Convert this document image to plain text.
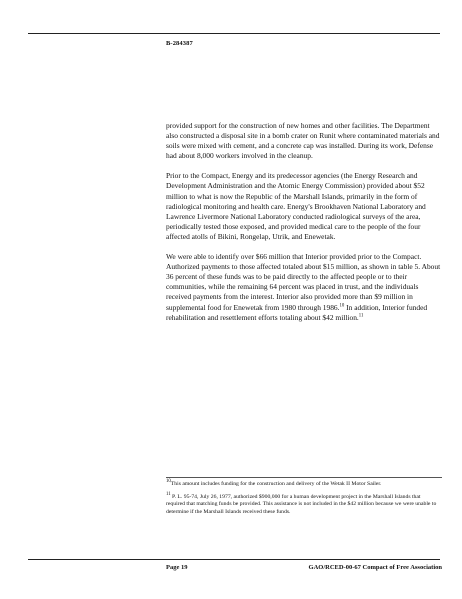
B-284387

provided support for the construction of new homes and other facilities. The Department also constructed a disposal site in a bomb crater on Runit where contaminated materials and soils were mixed with cement, and a concrete cap was installed. During its work, Defense had about 8,000 workers involved in the cleanup.

Prior to the Compact, Energy and its predecessor agencies (the Energy Research and Development Administration and the Atomic Energy Commission) provided about $52 million to what is now the Republic of the Marshall Islands, primarily in the form of radiological monitoring and health care. Energy's Brookhaven National Laboratory and Lawrence Livermore National Laboratory conducted radiological surveys of the area, periodically tested those exposed, and provided medical care to the people of the four affected atolls of Bikini, Rongelap, Utrik, and Enewetak.

We were able to identify over $66 million that Interior provided prior to the Compact. Authorized payments to those affected totaled about $15 million, as shown in table 5. About 36 percent of these funds was to be paid directly to the affected people or to their communities, while the remaining 64 percent was placed in trust, and the individuals received payments from the interest. Interior also provided more than $9 million in supplemental food for Enewetak from 1980 through 1986.10 In addition, Interior funded rehabilitation and resettlement efforts totaling about $42 million.$^{11}$

$^{10}$This amount includes funding for the construction and delivery of the Wetak II Motor Sailer.

$^{11}$ P. L. 95-74, July 26, 1977, authorized $900,000 for a human development project in the Marshall Islands that required that matching funds be provided. This assistance is not included in the $42 million because we were unable to determine if the Marshall Islands received these funds.

Page 19	GAO/RCED-00-67 Compact of Free Association
